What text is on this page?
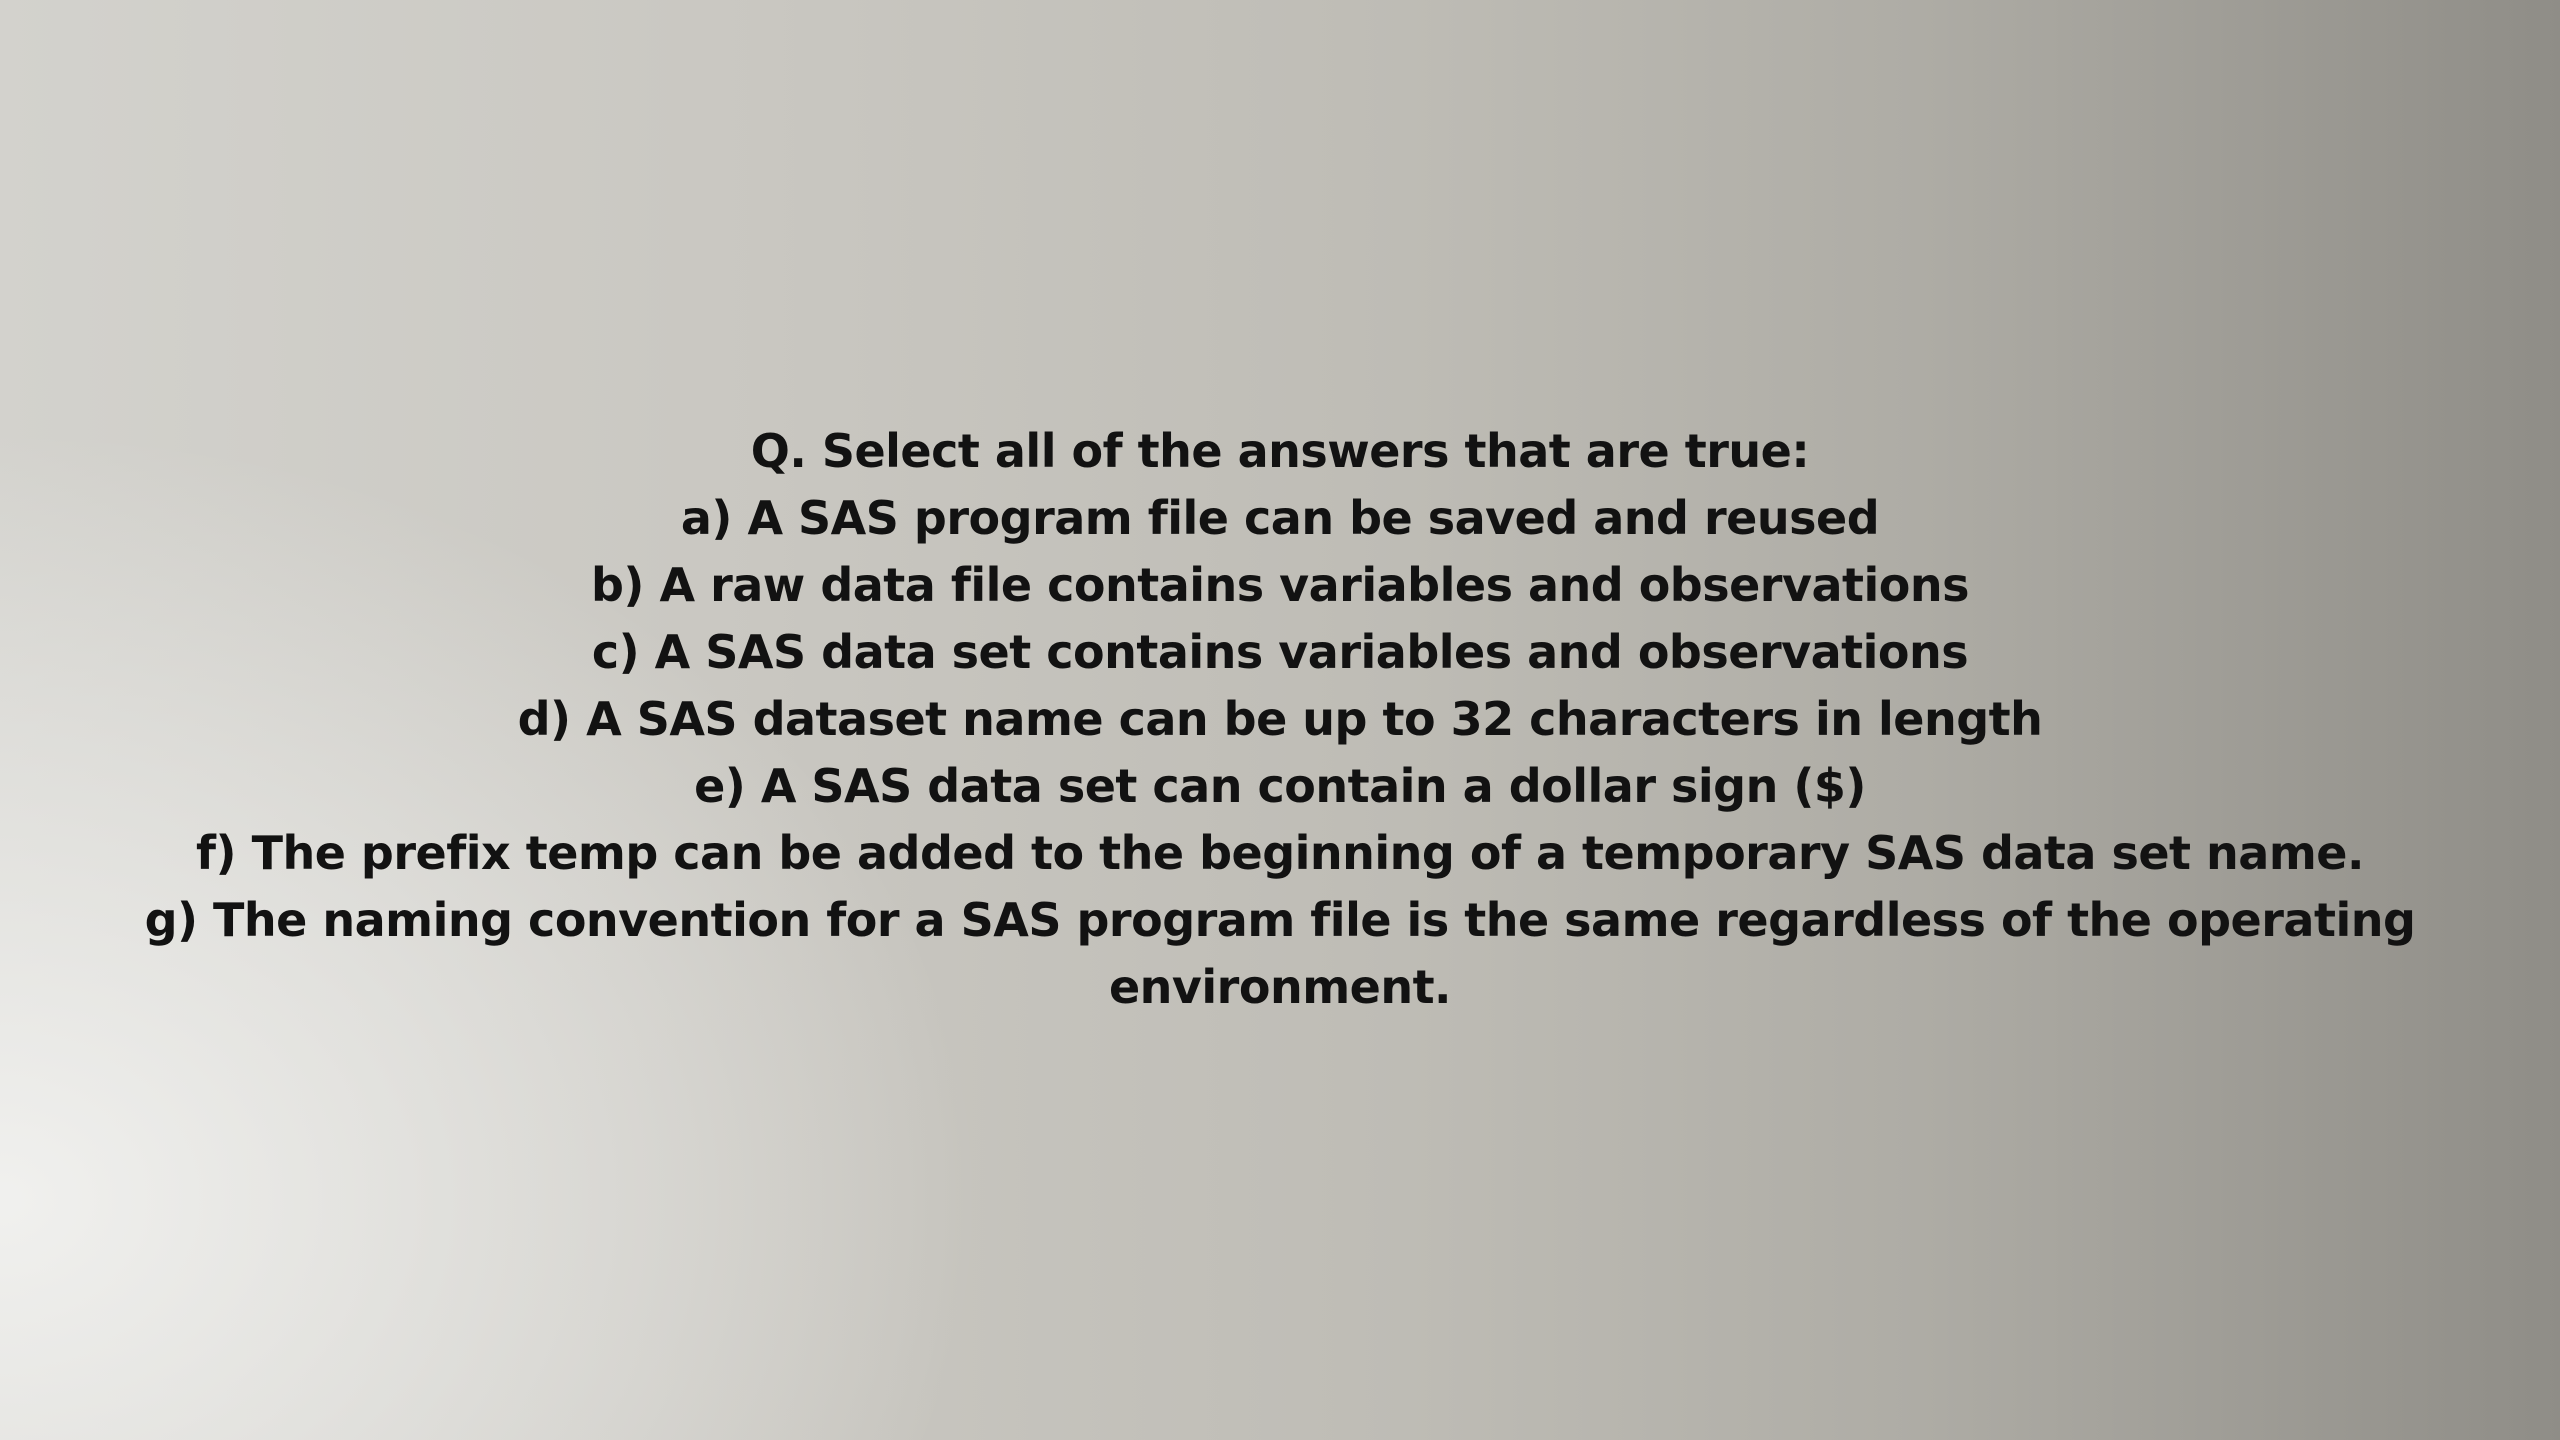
Q. Select all of the answers that are true:
a) A SAS program file can be saved and reused
b) A raw data file contains variables and observations
c) A SAS data set contains variables and observations
d) A SAS dataset name can be up to 32 characters in length
e) A SAS data set can contain a dollar sign ($)
f) The prefix temp can be added to the beginning of a temporary SAS data set name.
g) The naming convention for a SAS program file is the same regardless of the operating
environment.
